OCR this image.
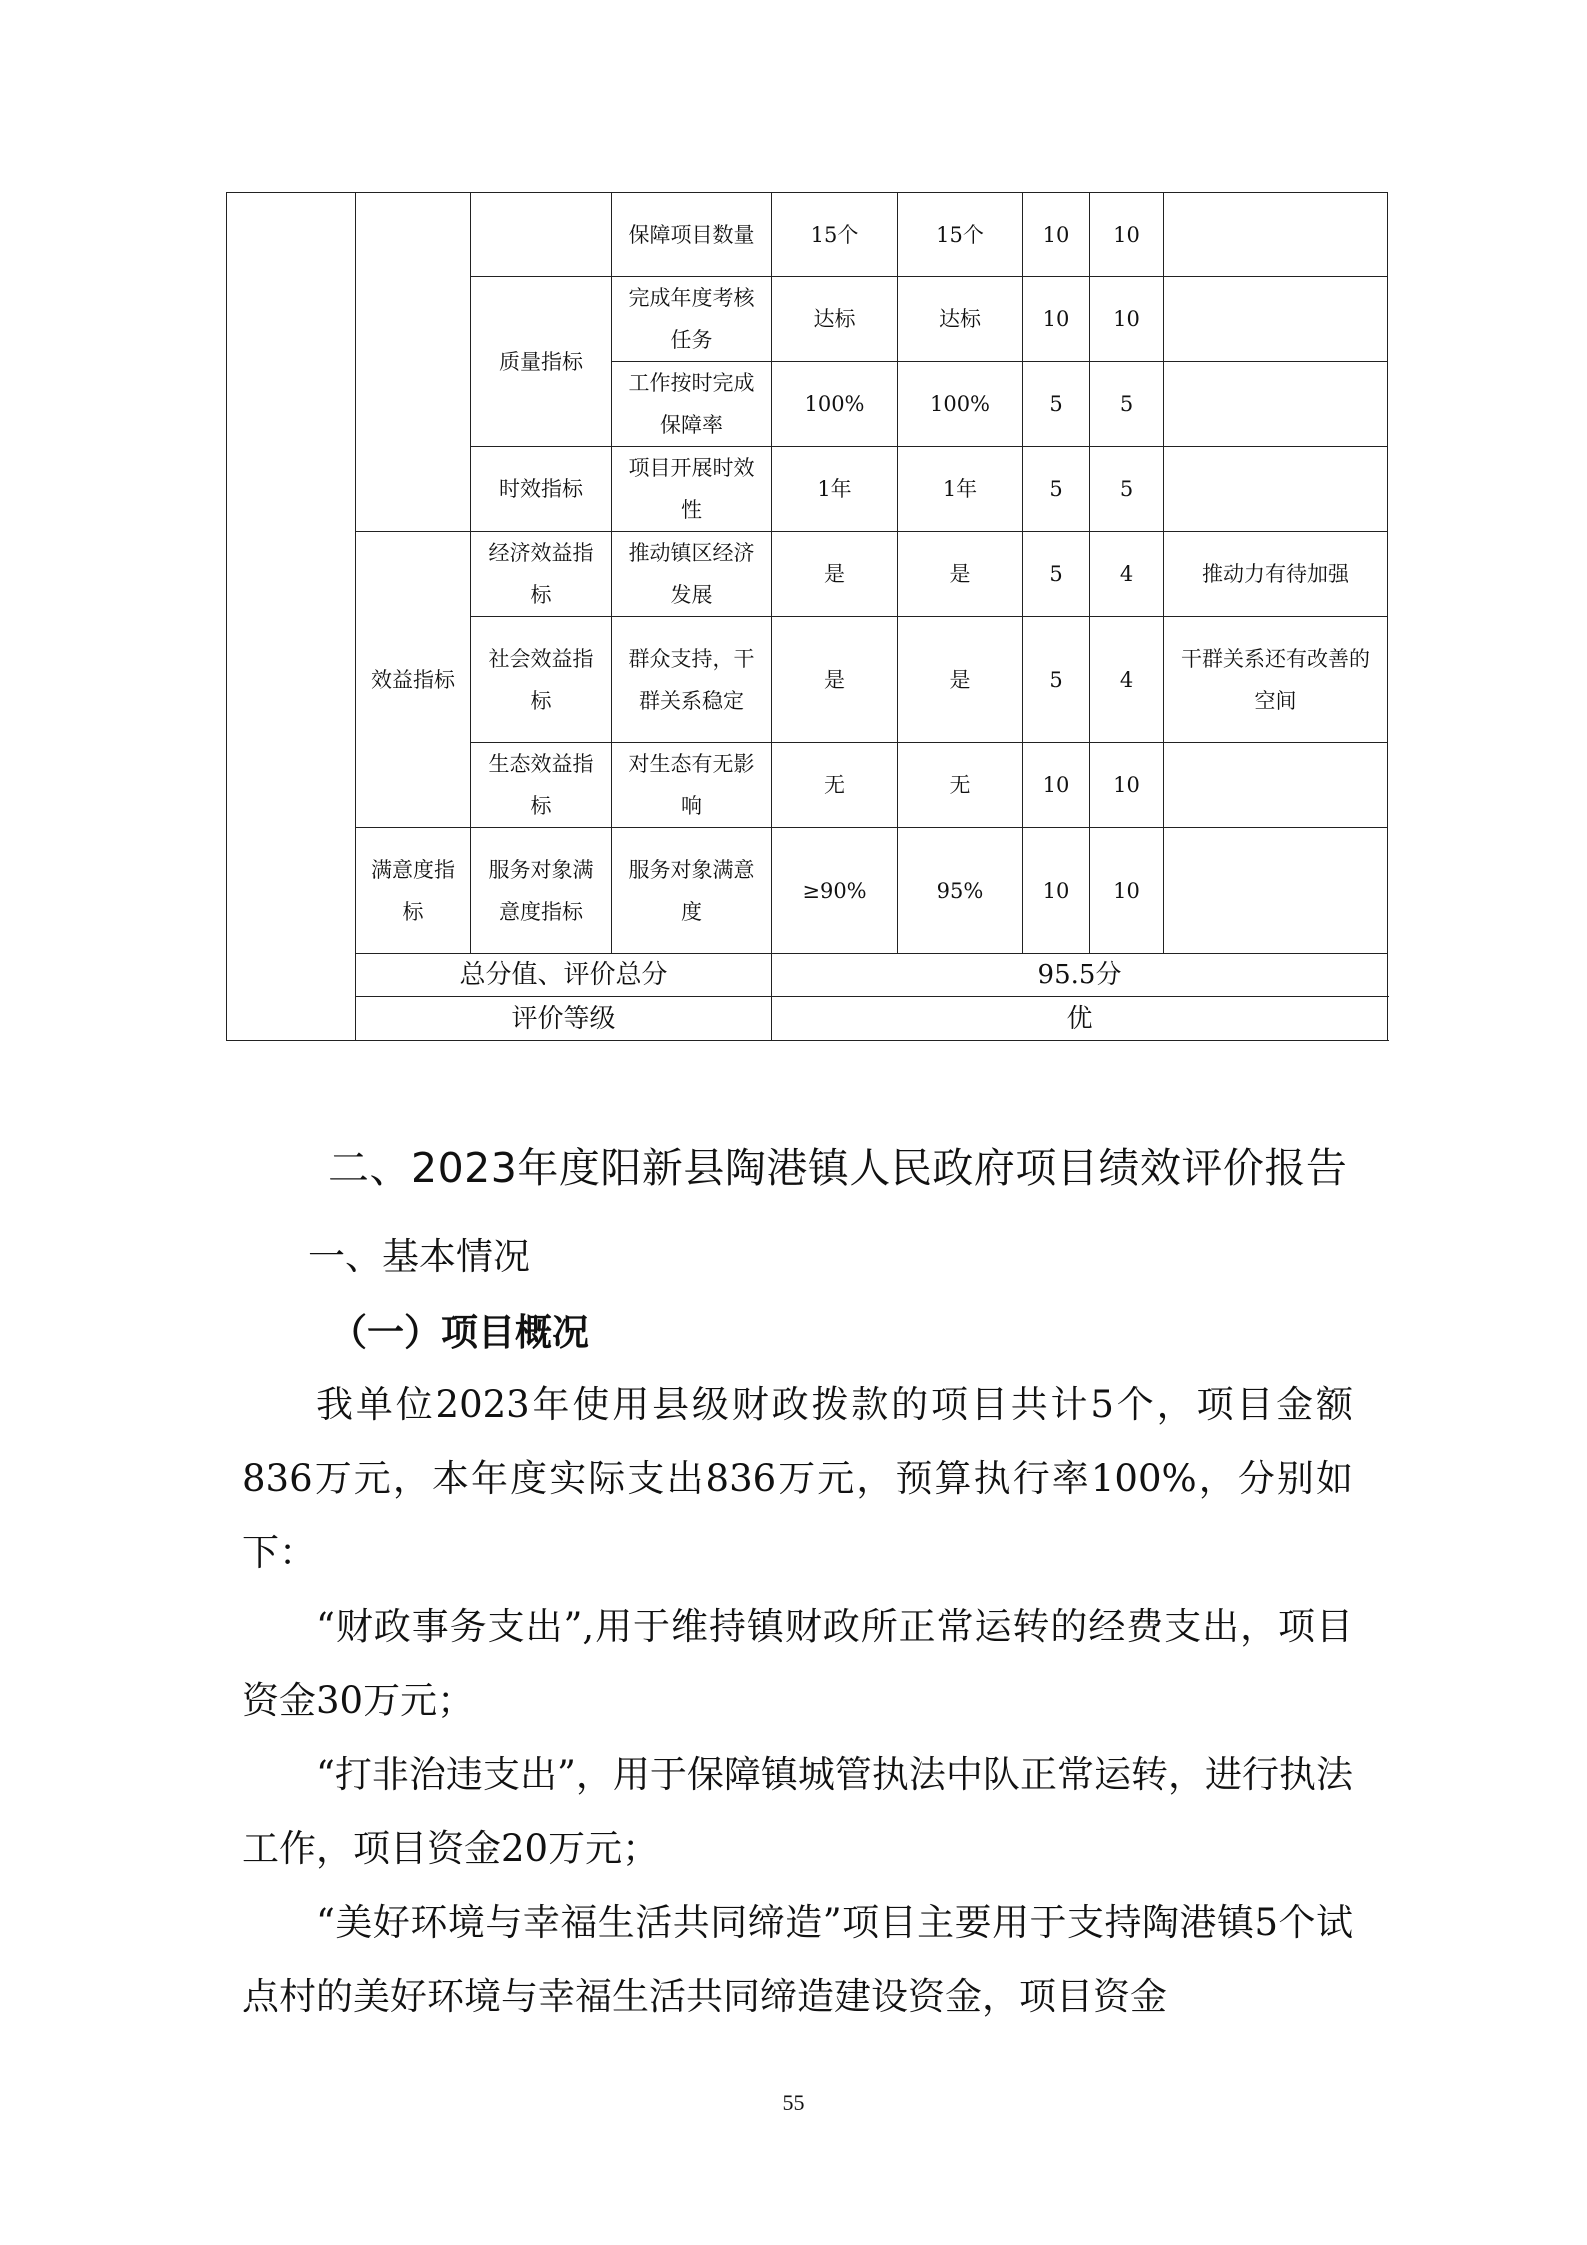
			保障项目数量	15个	15个	10	10	
		质量指标	完成年度考核任务	达标	达标	10	10	
			工作按时完成保障率	100%	100%	5	5	
		时效指标	项目开展时效性	1年	1年	5	5	
	效益指标	经济效益指标	推动镇区经济发展	是	是	5	4	推动力有待加强
		社会效益指标	群众支持，干群关系稳定	是	是	5	4	干群关系还有改善的空间
		生态效益指标	对生态有无影响	无	无	10	10	
	满意度指标	服务对象满意度指标	服务对象满意度	≥90%	95%	10	10	
	总分值、评价总分			95.5分				
	评价等级			优				
二、2023年度阳新县陶港镇人民政府项目绩效评价报告
一、基本情况
（一）项目概况

我单位2023年使用县级财政拨款的项目共计5个，项目金额836万元，本年度实际支出836万元，预算执行率100%，分别如下：

“财政事务支出”,用于维持镇财政所正常运转的经费支出，项目资金30万元；

“打非治违支出”，用于保障镇城管执法中队正常运转，进行执法工作，项目资金20万元；

“美好环境与幸福生活共同缔造”项目主要用于支持陶港镇5个试点村的美好环境与幸福生活共同缔造建设资金，项目资金

55
